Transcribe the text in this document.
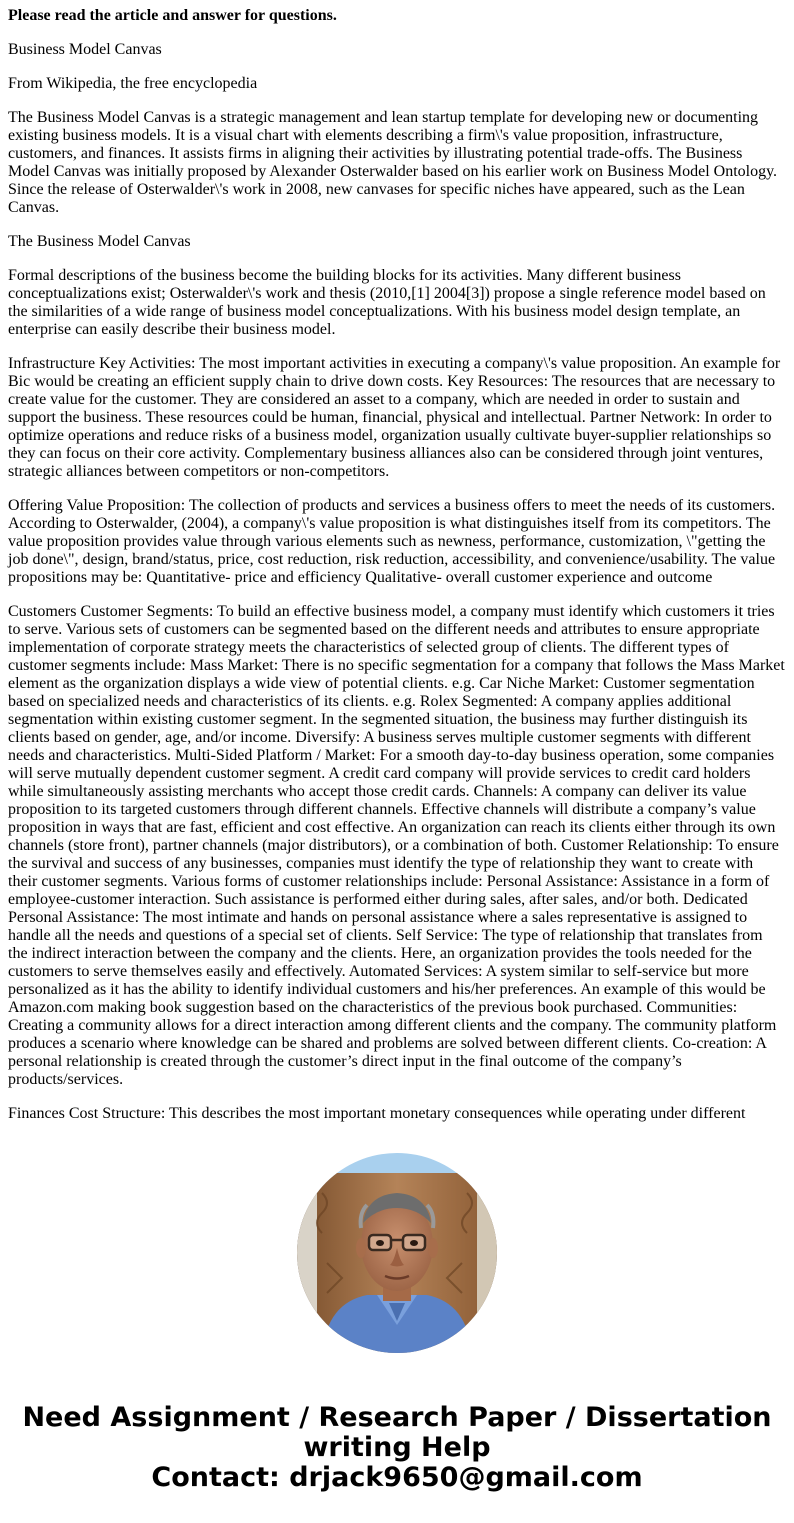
Please read the article and answer for questions.

Business Model Canvas

From Wikipedia, the free encyclopedia

The Business Model Canvas is a strategic management and lean startup template for developing new or documenting existing business models. It is a visual chart with elements describing a firm\'s value proposition, infrastructure, customers, and finances. It assists firms in aligning their activities by illustrating potential trade-offs. The Business Model Canvas was initially proposed by Alexander Osterwalder based on his earlier work on Business Model Ontology. Since the release of Osterwalder\'s work in 2008, new canvases for specific niches have appeared, such as the Lean Canvas.

The Business Model Canvas

Formal descriptions of the business become the building blocks for its activities. Many different business conceptualizations exist; Osterwalder\'s work and thesis (2010,[1] 2004[3]) propose a single reference model based on the similarities of a wide range of business model conceptualizations. With his business model design template, an enterprise can easily describe their business model.

Infrastructure Key Activities: The most important activities in executing a company\'s value proposition. An example for Bic would be creating an efficient supply chain to drive down costs. Key Resources: The resources that are necessary to create value for the customer. They are considered an asset to a company, which are needed in order to sustain and support the business. These resources could be human, financial, physical and intellectual. Partner Network: In order to optimize operations and reduce risks of a business model, organization usually cultivate buyer-supplier relationships so they can focus on their core activity. Complementary business alliances also can be considered through joint ventures, strategic alliances between competitors or non-competitors.

Offering Value Proposition: The collection of products and services a business offers to meet the needs of its customers. According to Osterwalder, (2004), a company\'s value proposition is what distinguishes itself from its competitors. The value proposition provides value through various elements such as newness, performance, customization, \"getting the job done\", design, brand/status, price, cost reduction, risk reduction, accessibility, and convenience/usability. The value propositions may be: Quantitative- price and efficiency Qualitative- overall customer experience and outcome

Customers Customer Segments: To build an effective business model, a company must identify which customers it tries to serve. Various sets of customers can be segmented based on the different needs and attributes to ensure appropriate implementation of corporate strategy meets the characteristics of selected group of clients. The different types of customer segments include: Mass Market: There is no specific segmentation for a company that follows the Mass Market element as the organization displays a wide view of potential clients. e.g. Car Niche Market: Customer segmentation based on specialized needs and characteristics of its clients. e.g. Rolex Segmented: A company applies additional segmentation within existing customer segment. In the segmented situation, the business may further distinguish its clients based on gender, age, and/or income. Diversify: A business serves multiple customer segments with different needs and characteristics. Multi-Sided Platform / Market: For a smooth day-to-day business operation, some companies will serve mutually dependent customer segment. A credit card company will provide services to credit card holders while simultaneously assisting merchants who accept those credit cards. Channels: A company can deliver its value proposition to its targeted customers through different channels. Effective channels will distribute a company’s value proposition in ways that are fast, efficient and cost effective. An organization can reach its clients either through its own channels (store front), partner channels (major distributors), or a combination of both. Customer Relationship: To ensure the survival and success of any businesses, companies must identify the type of relationship they want to create with their customer segments. Various forms of customer relationships include: Personal Assistance: Assistance in a form of employee-customer interaction. Such assistance is performed either during sales, after sales, and/or both. Dedicated Personal Assistance: The most intimate and hands on personal assistance where a sales representative is assigned to handle all the needs and questions of a special set of clients. Self Service: The type of relationship that translates from the indirect interaction between the company and the clients. Here, an organization provides the tools needed for the customers to serve themselves easily and effectively. Automated Services: A system similar to self-service but more personalized as it has the ability to identify individual customers and his/her preferences. An example of this would be Amazon.com making book suggestion based on the characteristics of the previous book purchased. Communities: Creating a community allows for a direct interaction among different clients and the company. The community platform produces a scenario where knowledge can be shared and problems are solved between different clients. Co-creation: A personal relationship is created through the customer’s direct input in the final outcome of the company’s products/services.

Finances Cost Structure: This describes the most important monetary consequences while operating under different

Need Assignment / Research Paper / Dissertation writing Help
Contact: drjack9650@gmail.com
